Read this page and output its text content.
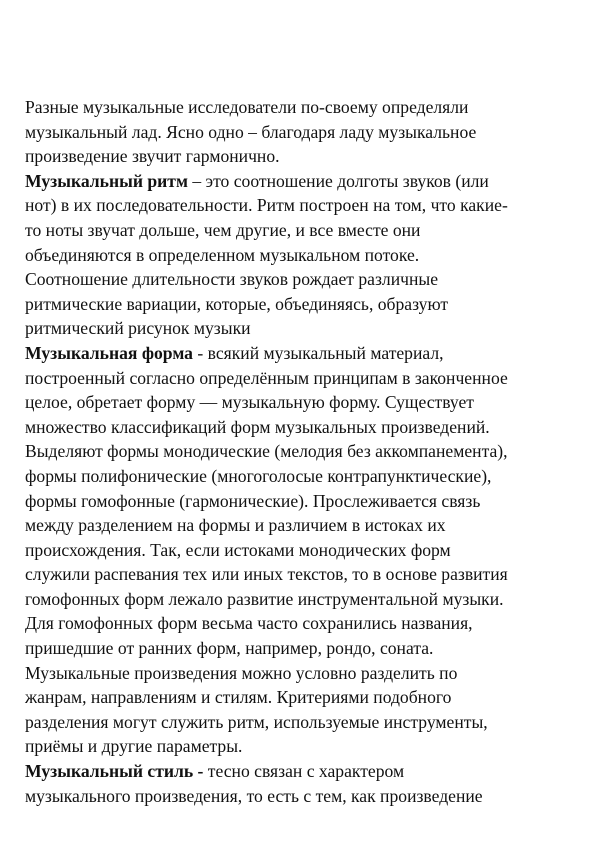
Разные музыкальные исследователи по-своему определяли
музыкальный лад. Ясно одно – благодаря ладу музыкальное
произведение звучит гармонично.
Музыкальный ритм – это соотношение долготы звуков (или
нот) в их последовательности. Ритм построен на том, что какие-
то ноты звучат дольше, чем другие, и все вместе они
объединяются в определенном музыкальном потоке.
Соотношение длительности звуков рождает различные
ритмические вариации, которые, объединяясь, образуют
ритмический рисунок музыки
Музыкальная форма - всякий музыкальный материал,
построенный согласно определённым принципам в законченное
целое, обретает форму — музыкальную форму. Существует
множество классификаций форм музыкальных произведений.
Выделяют формы монодические (мелодия без аккомпанемента),
формы полифонические (многоголосые контрапунктические),
формы гомофонные (гармонические). Прослеживается связь
между разделением на формы и различием в истоках их
происхождения. Так, если истоками монодических форм
служили распевания тех или иных текстов, то в основе развития
гомофонных форм лежало развитие инструментальной музыки.
Для гомофонных форм весьма часто сохранились названия,
пришедшие от ранних форм, например, рондо, соната.
Музыкальные произведения можно условно разделить по
жанрам, направлениям и стилям. Критериями подобного
разделения могут служить ритм, используемые инструменты,
приёмы и другие параметры.
Музыкальный стиль - тесно связан с характером
музыкального произведения, то есть с тем, как произведение
